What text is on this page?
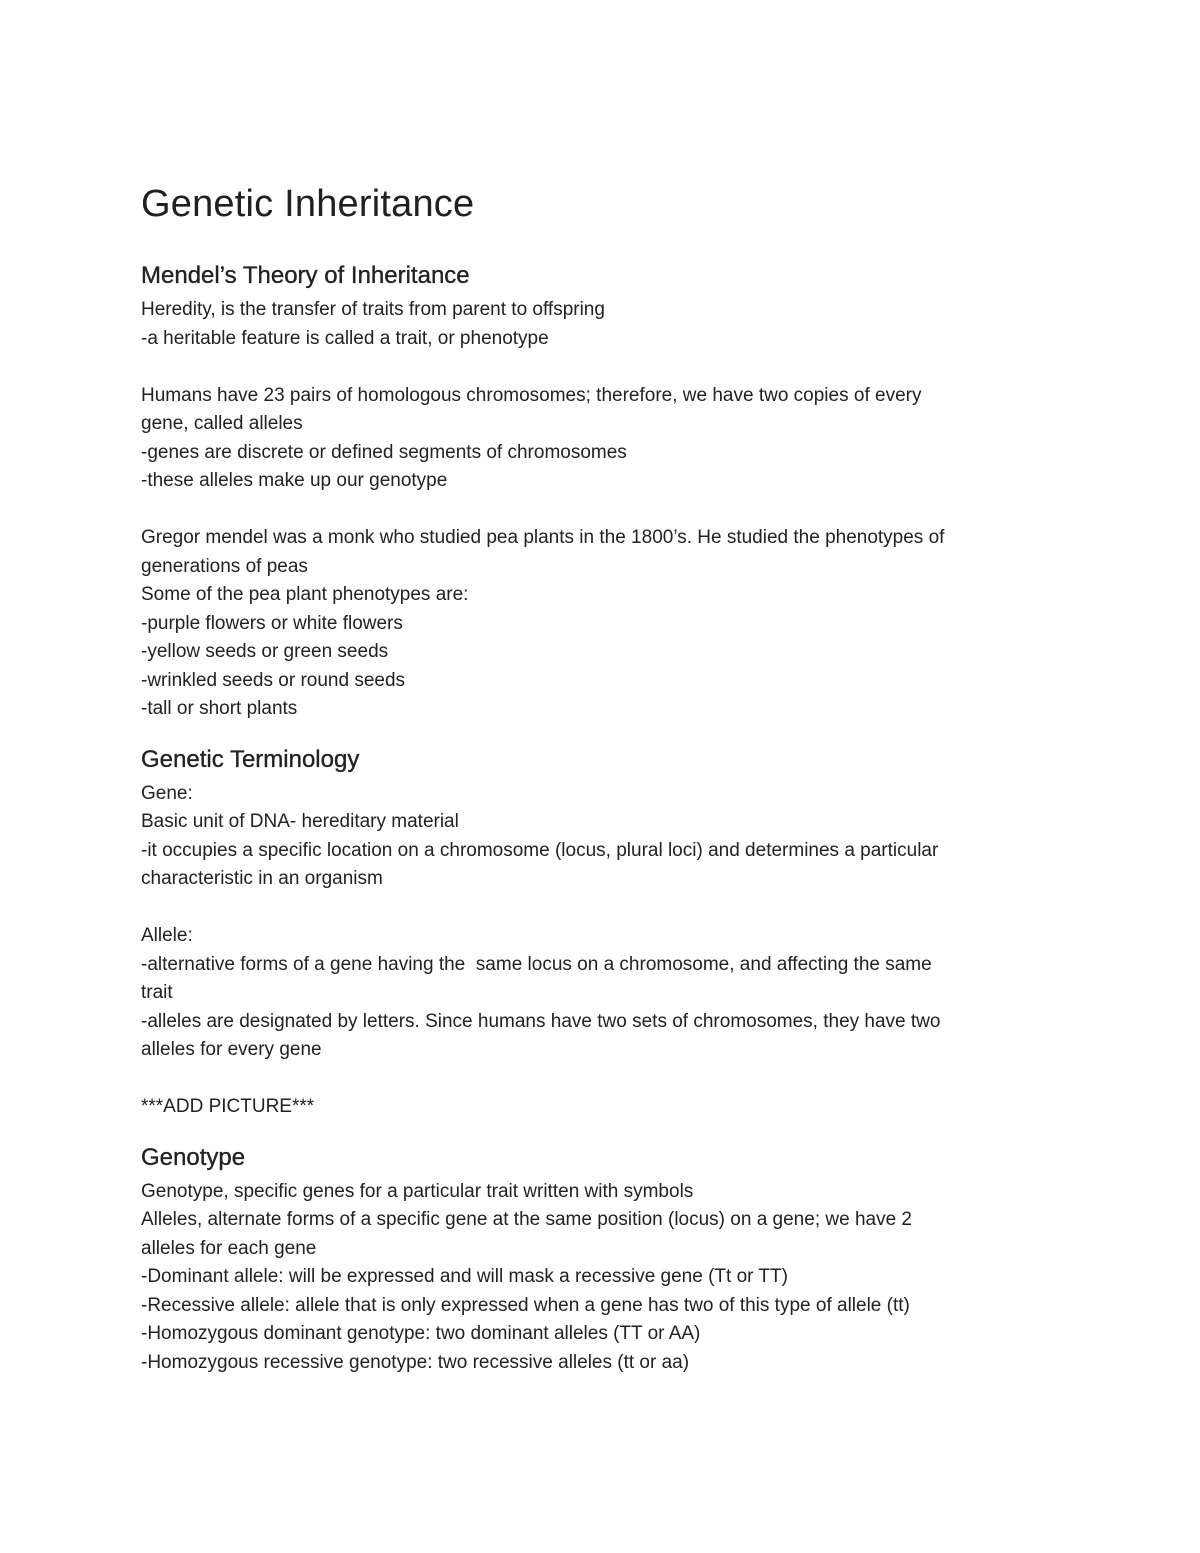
Genetic Inheritance
Mendel’s Theory of Inheritance

Heredity, is the transfer of traits from parent to offspring

-a heritable feature is called a trait, or phenotype

Humans have 23 pairs of homologous chromosomes; therefore, we have two copies of every

gene, called alleles

-genes are discrete or defined segments of chromosomes

-these alleles make up our genotype

Gregor mendel was a monk who studied pea plants in the 1800’s. He studied the phenotypes of

generations of peas

Some of the pea plant phenotypes are:

-purple flowers or white flowers

-yellow seeds or green seeds

-wrinkled seeds or round seeds

-tall or short plants

Genetic Terminology

Gene:

Basic unit of DNA- hereditary material

-it occupies a specific location on a chromosome (locus, plural loci) and determines a particular

characteristic in an organism

Allele:

-alternative forms of a gene having the  same locus on a chromosome, and affecting the same

trait

-alleles are designated by letters. Since humans have two sets of chromosomes, they have two

alleles for every gene

***ADD PICTURE***

Genotype

Genotype, specific genes for a particular trait written with symbols

Alleles, alternate forms of a specific gene at the same position (locus) on a gene; we have 2

alleles for each gene

-Dominant allele: will be expressed and will mask a recessive gene (Tt or TT)

-Recessive allele: allele that is only expressed when a gene has two of this type of allele (tt)

-Homozygous dominant genotype: two dominant alleles (TT or AA)

-Homozygous recessive genotype: two recessive alleles (tt or aa)
